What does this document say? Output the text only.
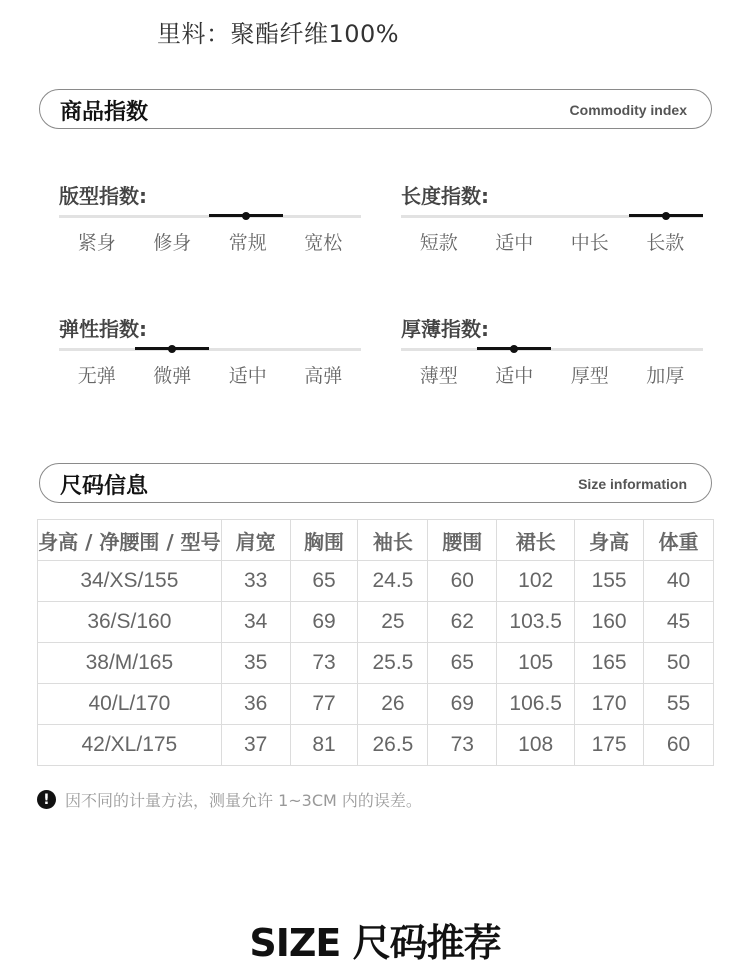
里料：聚酯纤维100%
商品指数	Commodity index
版型指数:
紧身	修身	常规	宽松
长度指数:
短款	适中	中长	长款
弹性指数:
无弹	微弹	适中	高弹
厚薄指数:
薄型	适中	厚型	加厚
尺码信息	Size information
身高 / 净腰围 / 型号	肩宽	胸围	袖长	腰围	裙长	身高	体重
34/XS/155	33	65	24.5	60	102	155	40
36/S/160	34	69	25	62	103.5	160	45
38/M/165	35	73	25.5	65	105	165	50
40/L/170	36	77	26	69	106.5	170	55
42/XL/175	37	81	26.5	73	108	175	60
! 因不同的计量方法，测量允许 1~3CM 内的误差。
SIZE 尺码推荐
